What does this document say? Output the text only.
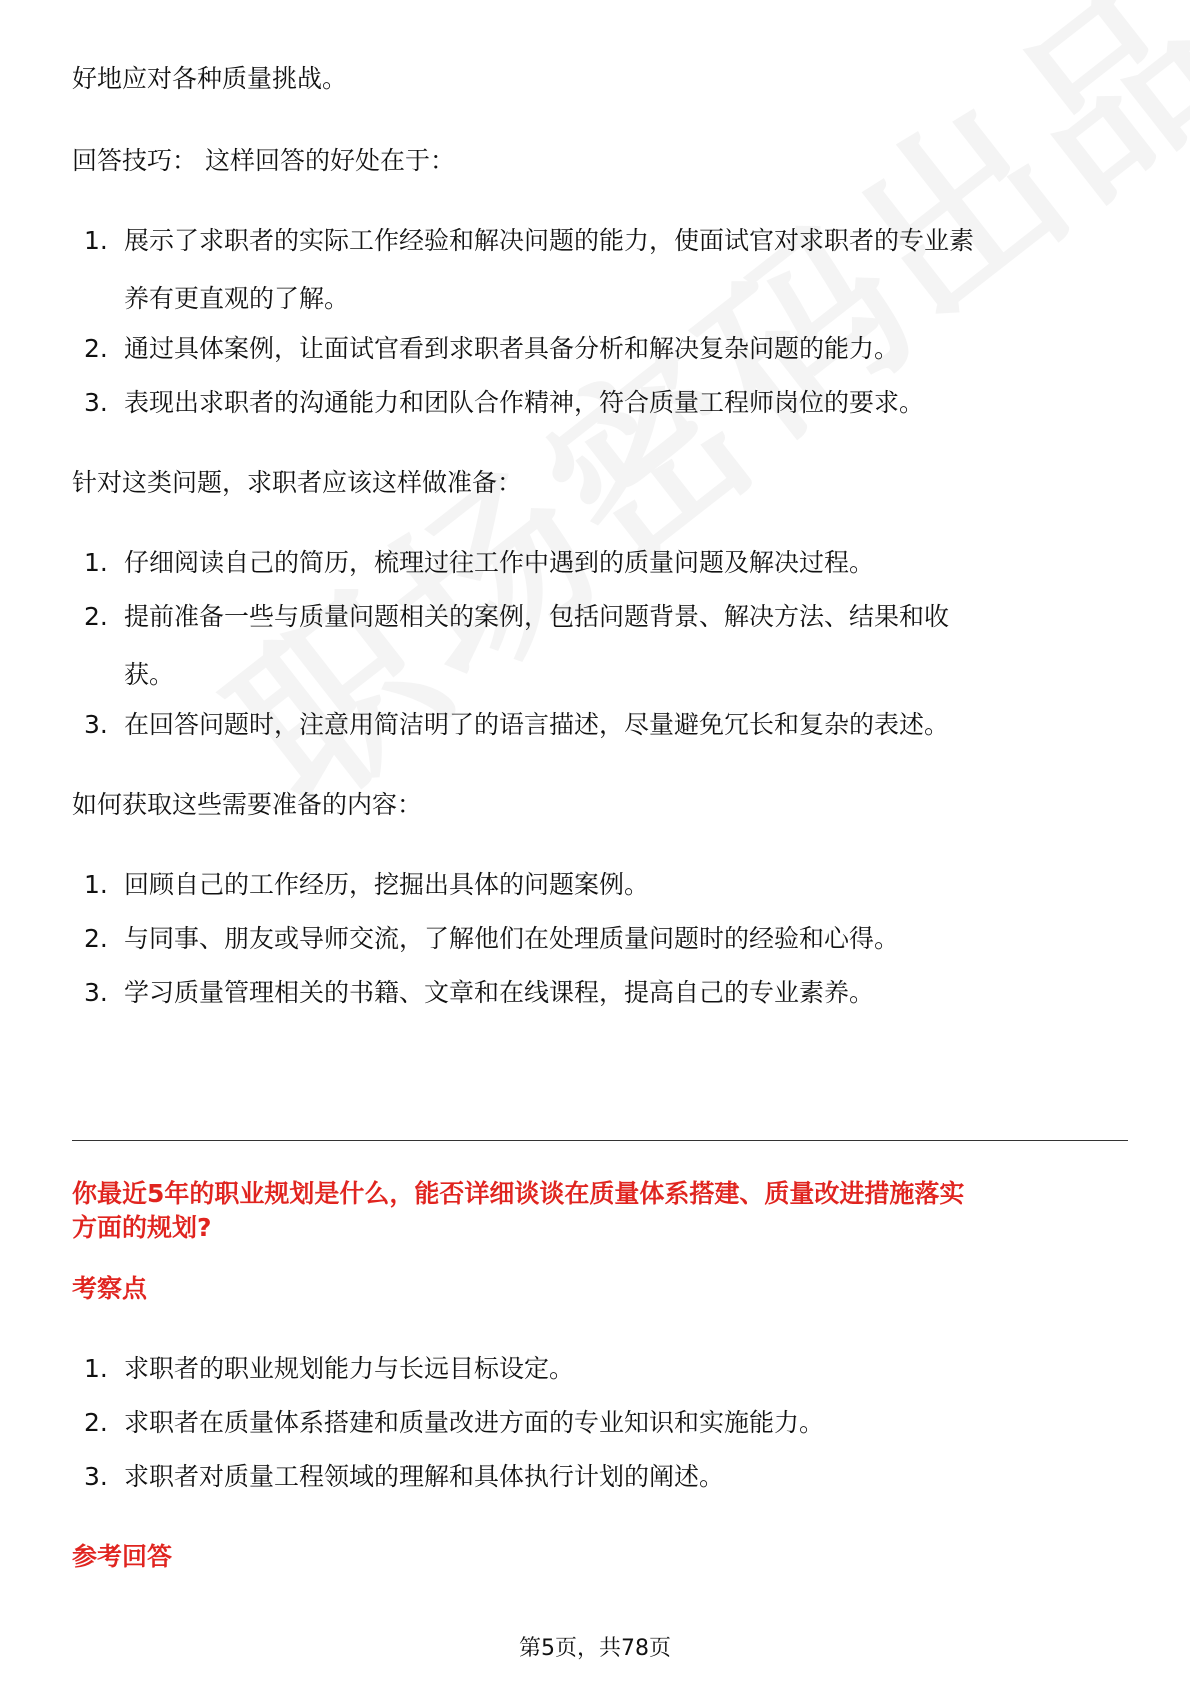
好地应对各种质量挑战。
回答技巧： 这样回答的好处在于：
1. 展示了求职者的实际工作经验和解决问题的能力，使面试官对求职者的专业素
养有更直观的了解。
2. 通过具体案例，让面试官看到求职者具备分析和解决复杂问题的能力。
3. 表现出求职者的沟通能力和团队合作精神，符合质量工程师岗位的要求。
针对这类问题，求职者应该这样做准备：
1. 仔细阅读自己的简历，梳理过往工作中遇到的质量问题及解决过程。
2. 提前准备一些与质量问题相关的案例，包括问题背景、解决方法、结果和收
获。
3. 在回答问题时，注意用简洁明了的语言描述，尽量避免冗长和复杂的表述。
如何获取这些需要准备的内容：
1. 回顾自己的工作经历，挖掘出具体的问题案例。
2. 与同事、朋友或导师交流，了解他们在处理质量问题时的经验和心得。
3. 学习质量管理相关的书籍、文章和在线课程，提高自己的专业素养。
你最近5年的职业规划是什么，能否详细谈谈在质量体系搭建、质量改进措施落实
方面的规划?
考察点
1. 求职者的职业规划能力与长远目标设定。
2. 求职者在质量体系搭建和质量改进方面的专业知识和实施能力。
3. 求职者对质量工程领域的理解和具体执行计划的阐述。
参考回答
第5页，共78页
